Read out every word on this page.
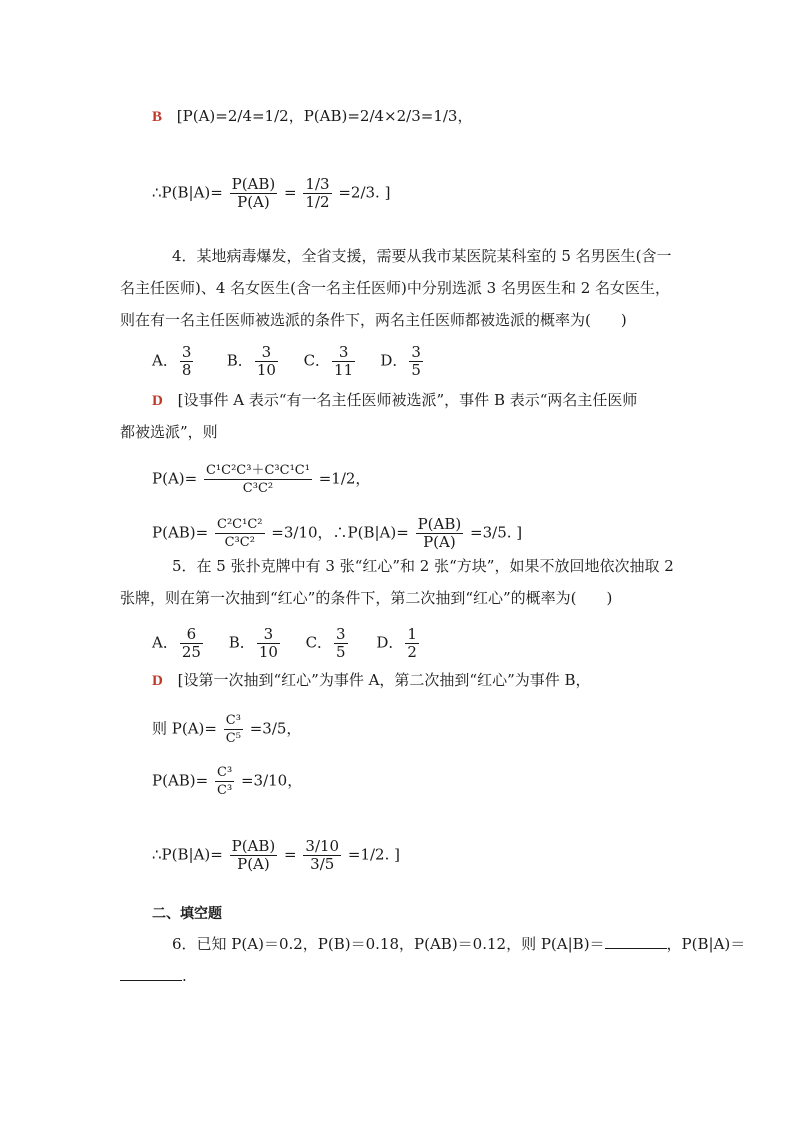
B [P(A)=2/4=1/2，P(AB)=2/4×2/3=1/3，
∴P(B|A)= $\frac{P(AB)}{P(A)} = \frac{1/3}{1/2} =2/3$. ]
4．某地病毒爆发，全省支援，需要从我市某医院某科室的 5 名男医生(含一
名主任医师)、4 名女医生(含一名主任医师)中分别选派 3 名男医生和 2 名女医生，
则在有一名主任医师被选派的条件下，两名主任医师都被选派的概率为(　　)
A． $\frac{3}{8}$ B． $\frac{3}{10}$ C． $\frac{3}{11}$ D． $\frac{3}{5}$
D [设事件 A 表示“有一名主任医师被选派”，事件 B 表示“两名主任医师
都被选派”，则
$P(A)= \frac{\text{C¹C²C³＋C³C¹C¹}}{\text{C³C²}} =1/2$，
$P(AB)= \frac{\text{C²C¹C²}}{\text{C³C²}} =3/10$，∴P(B|A)= $\frac{P(AB)}{P(A)} =3/5$. ]
5．在 5 张扑克牌中有 3 张“红心”和 2 张“方块”，如果不放回地依次抽取 2
张牌，则在第一次抽到“红心”的条件下，第二次抽到“红心”的概率为(　　)
A． $\frac{6}{25}$ B． $\frac{3}{10}$ C． $\frac{3}{5}$ D． $\frac{1}{2}$
D [设第一次抽到“红心”为事件 A，第二次抽到“红心”为事件 B，
则 $P(A)= \frac{\text{C³}}{\text{C⁵}} =3/5$，
$P(AB)= \frac{\text{C³}}{\text{C³}} =3/10$，
∴P(B|A)= $\frac{P(AB)}{P(A)} = \frac{3/10}{3/5} =1/2$. ]
二、填空题
6．已知 P(A)＝0.2，P(B)＝0.18，P(AB)＝0.12，则 P(A|B)＝	，P(B|A)＝
.
